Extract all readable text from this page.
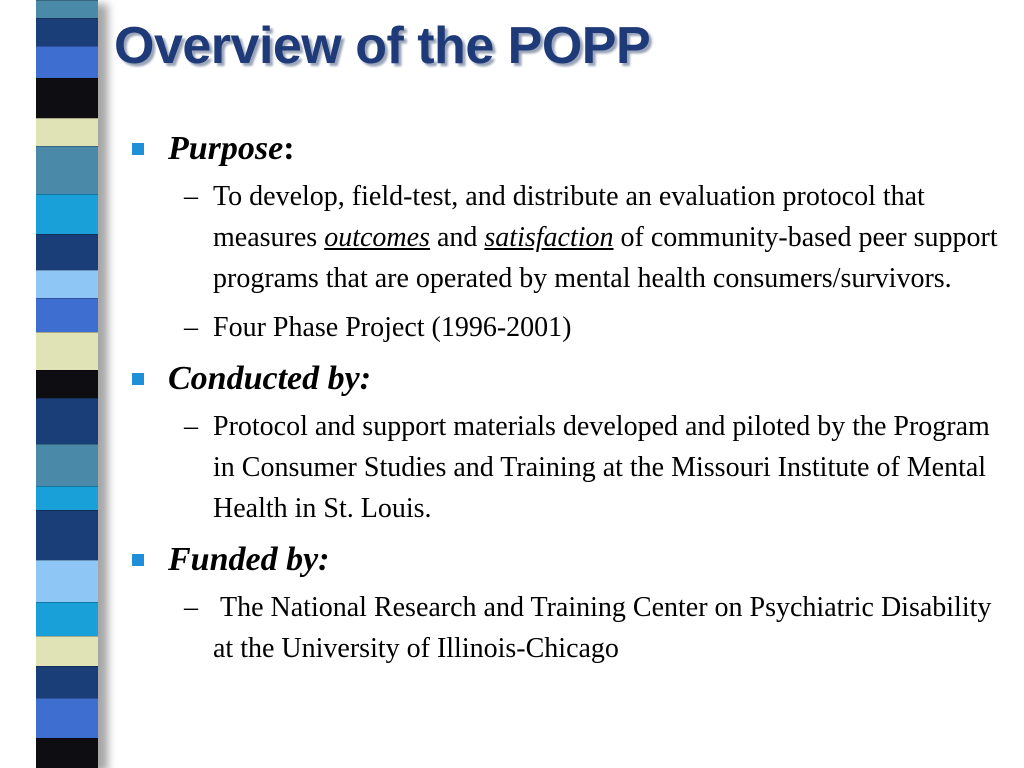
Overview of the POPP
Purpose:
– To develop, field-test, and distribute an evaluation protocol that measures outcomes and satisfaction of community-based peer support programs that are operated by mental health consumers/survivors.
– Four Phase Project (1996-2001)
Conducted by:
– Protocol and support materials developed and piloted by the Program in Consumer Studies and Training at the Missouri Institute of Mental Health in St. Louis.
Funded by:
– The National Research and Training Center on Psychiatric Disability at the University of Illinois-Chicago
